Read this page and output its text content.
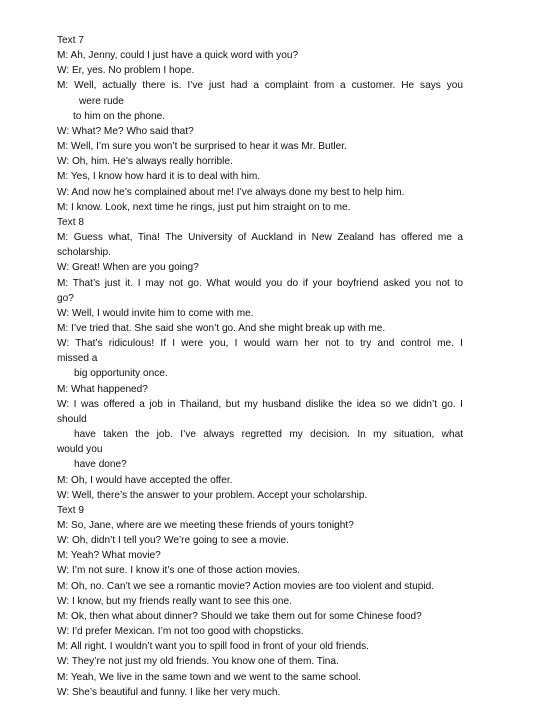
Text 7

M: Ah, Jenny, could I just have a quick word with you?

W: Er, yes. No problem I hope.

M: Well, actually there is. I’ve just had a complaint from a customer. He says you

were rude

to him on the phone.

W: What? Me? Who said that?

M: Well, I’m sure you won’t be surprised to hear it was Mr. Butler.

W: Oh, him. He’s always really horrible.

M: Yes, I know how hard it is to deal with him.

W: And now he’s complained about me! I’ve always done my best to help him.

M: I know. Look, next time he rings, just put him straight on to me.

Text 8

M: Guess what, Tina! The University of Auckland in New Zealand has offered me a

scholarship.

W: Great! When are you going?

M: That’s just it. I may not go. What would you do if your boyfriend asked you not to

go?

W: Well, I would invite him to come with me.

M: I’ve tried that. She said she won’t go. And she might break up with me.

W: That’s ridiculous! If I were you, I would warn her not to try and control me. I

missed a

big opportunity once.

M: What happened?

W: I was offered a job in Thailand, but my husband dislike the idea so we didn’t go. I

should

have taken the job. I’ve always regretted my decision. In my situation, what

would you

have done?

M: Oh, I would have accepted the offer.

W: Well, there’s the answer to your problem. Accept your scholarship.

Text 9

M: So, Jane, where are we meeting these friends of yours tonight?

W: Oh, didn’t I tell you? We’re going to see a movie.

M: Yeah? What movie?

W: I’m not sure. I know it’s one of those action movies.

M: Oh, no. Can’t we see a romantic movie? Action movies are too violent and stupid.

W: I know, but my friends really want to see this one.

M: Ok, then what about dinner? Should we take them out for some Chinese food?

W: I’d prefer Mexican. I’m not too good with chopsticks.

M: All right. I wouldn’t want you to spill food in front of your old friends.

W: They’re not just my old friends. You know one of them. Tina.

M: Yeah, We live in the same town and we went to the same school.

W: She’s beautiful and funny. I like her very much.
